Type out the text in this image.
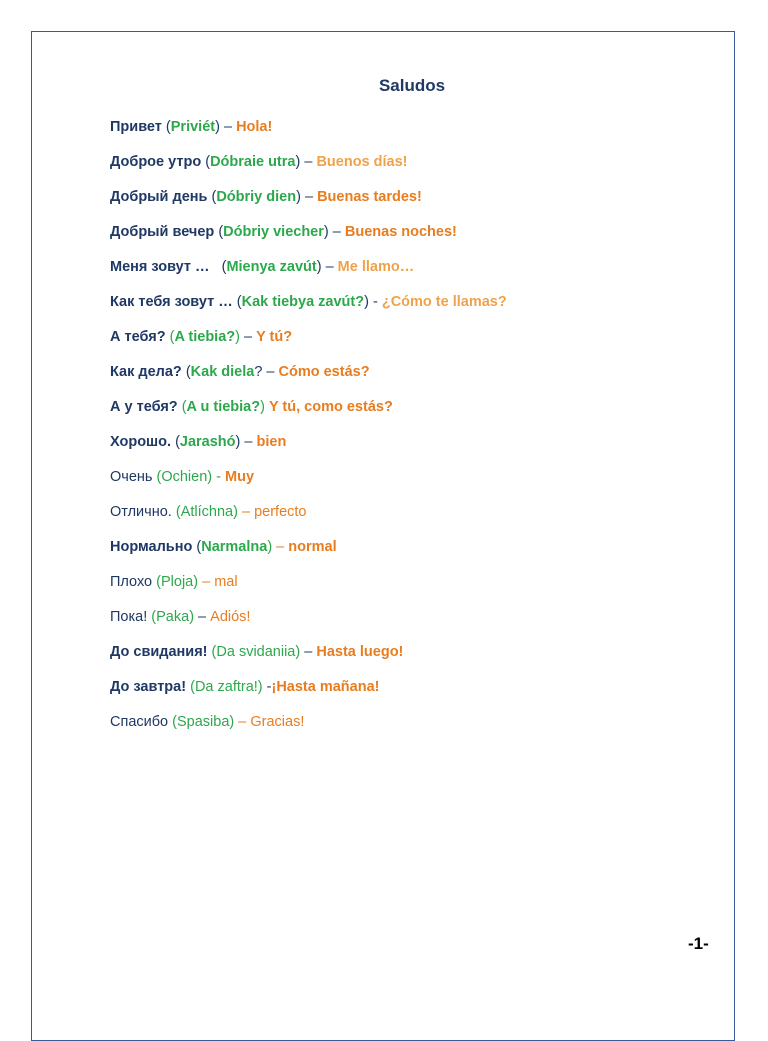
Saludos
Привет (Priviét) – Hola!
Доброе утро (Dóbraie utra) – Buenos días!
Добрый день (Dóbriy dien) – Buenas tardes!
Добрый вечер (Dóbriy viecher) – Buenas noches!
Меня зовут …   (Mienya zavút) – Me llamo…
Как тебя зовут … (Kak tiebya zavút?) - ¿Cómo te llamas?
А тебя? (A tiebia?) – Y tú?
Как дела? (Kak diela? – Cómo estás?
А у тебя? (A u tiebia?) Y tú, como estás?
Хорошо. (Jarashó) – bien
Очень (Ochien) - Muy
Отлично. (Atlíchna) – perfecto
Нормально (Narmalna) – normal
Плохо (Ploja) – mal
Пока! (Paka) – Adiós!
До свидания! (Da svidaniia) – Hasta luego!
До завтра! (Da zaftra!) -¡Hasta mañana!
Спасибо (Spasiba) – Gracias!
-1-
